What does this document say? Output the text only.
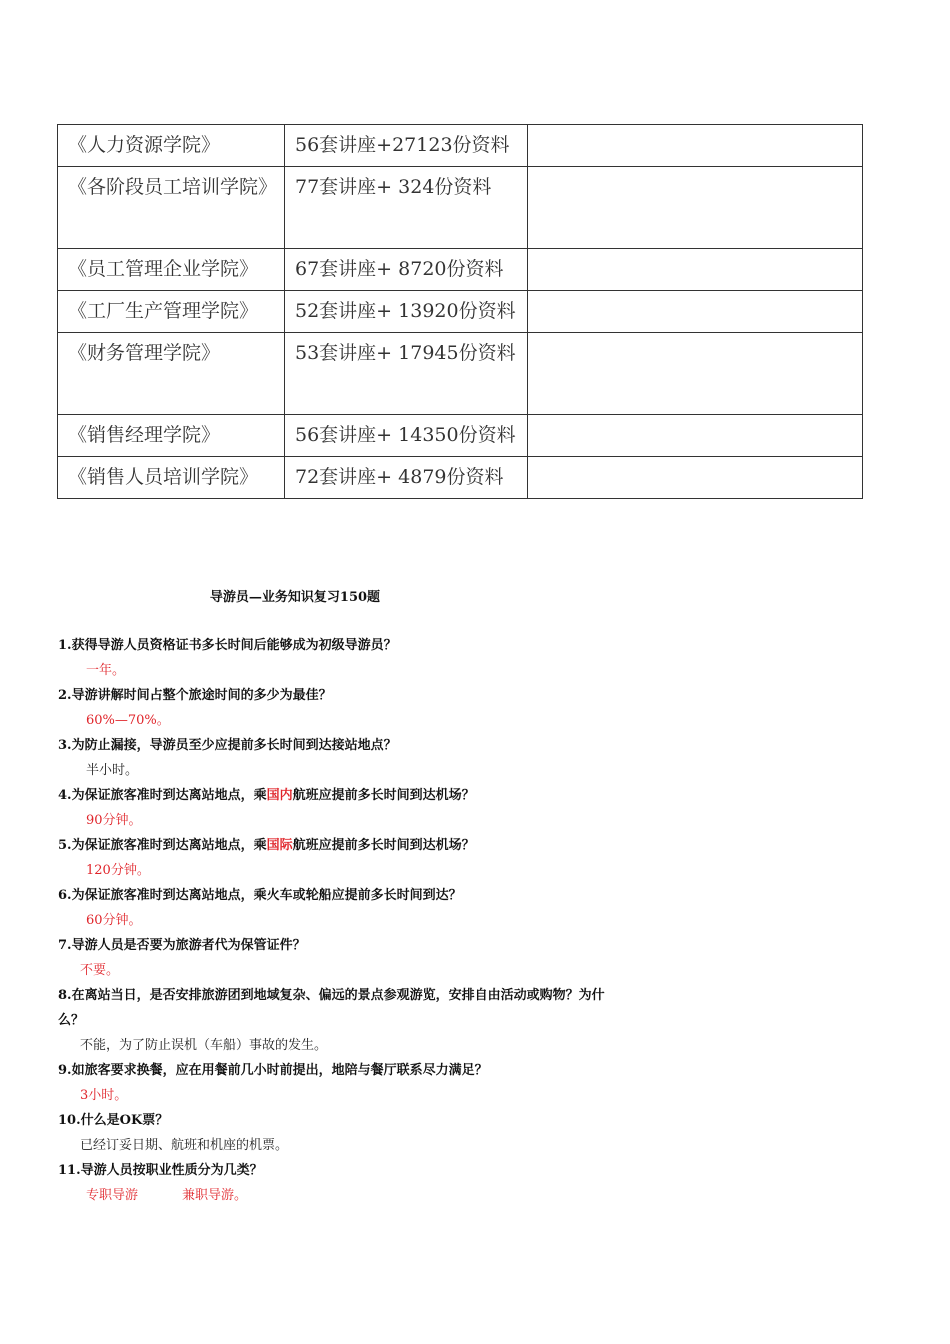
《人力资源学院》	56套讲座+27123份资料	
《各阶段员工培训学院》	77套讲座+ 324份资料	
《员工管理企业学院》	67套讲座+ 8720份资料	
《工厂生产管理学院》	52套讲座+ 13920份资料	
《财务管理学院》	53套讲座+ 17945份资料	
《销售经理学院》	56套讲座+ 14350份资料	
《销售人员培训学院》	72套讲座+ 4879份资料	
导游员—业务知识复习150题

1.获得导游人员资格证书多长时间后能够成为初级导游员？

一年。

2.导游讲解时间占整个旅途时间的多少为最佳？

60%—70%。

3.为防止漏接，导游员至少应提前多长时间到达接站地点？

半小时。

4.为保证旅客准时到达离站地点，乘国内航班应提前多长时间到达机场？

90分钟。

5.为保证旅客准时到达离站地点，乘国际航班应提前多长时间到达机场？

120分钟。

6.为保证旅客准时到达离站地点，乘火车或轮船应提前多长时间到达？

60分钟。

7.导游人员是否要为旅游者代为保管证件？

不要。

8.在离站当日，是否安排旅游团到地域复杂、偏远的景点参观游览，安排自由活动或购物？为什么？

不能，为了防止误机（车船）事故的发生。

9.如旅客要求换餐，应在用餐前几小时前提出，地陪与餐厅联系尽力满足？

3小时。

10.什么是OK票？

已经订妥日期、航班和机座的机票。

11.导游人员按职业性质分为几类？

专职导游	兼职导游。
